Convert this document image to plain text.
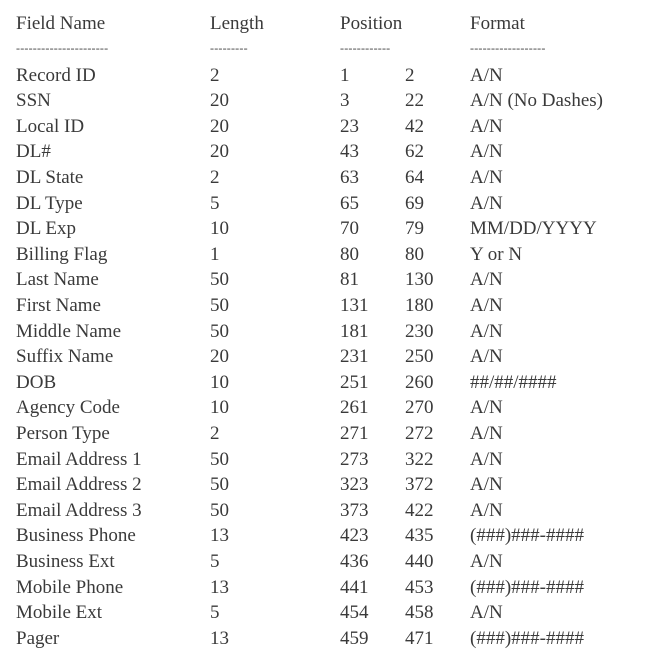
Field Name	Length	Position	Format
----------------------	---------	------------	------------------
Record ID	2	1	2	A/N
SSN	20	3	22 A/N (No Dashes)
Local ID	20	23 42 A/N
DL#	20	43 62 A/N
DL State	2	63 64 A/N
DL Type	5	65 69 A/N
DL Exp	10	70 79 MM/DD/YYYY
Billing Flag	1	80 80 Y or N
Last Name	50	81 130 A/N
First Name	50	131 180 A/N
Middle Name	50	181 230 A/N
Suffix Name	20	231 250 A/N
DOB	10	251 260 ##/##/####
Agency Code	10	261 270 A/N
Person Type	2	271 272 A/N
Email Address 1	50	273 322 A/N
Email Address 2	50	323 372 A/N
Email Address 3	50	373 422 A/N
Business Phone	13	423 435 (###)###-####
Business Ext	5	436 440 A/N
Mobile Phone	13	441 453 (###)###-####
Mobile Ext	5	454 458 A/N
Pager	13	459 471 (###)###-####
